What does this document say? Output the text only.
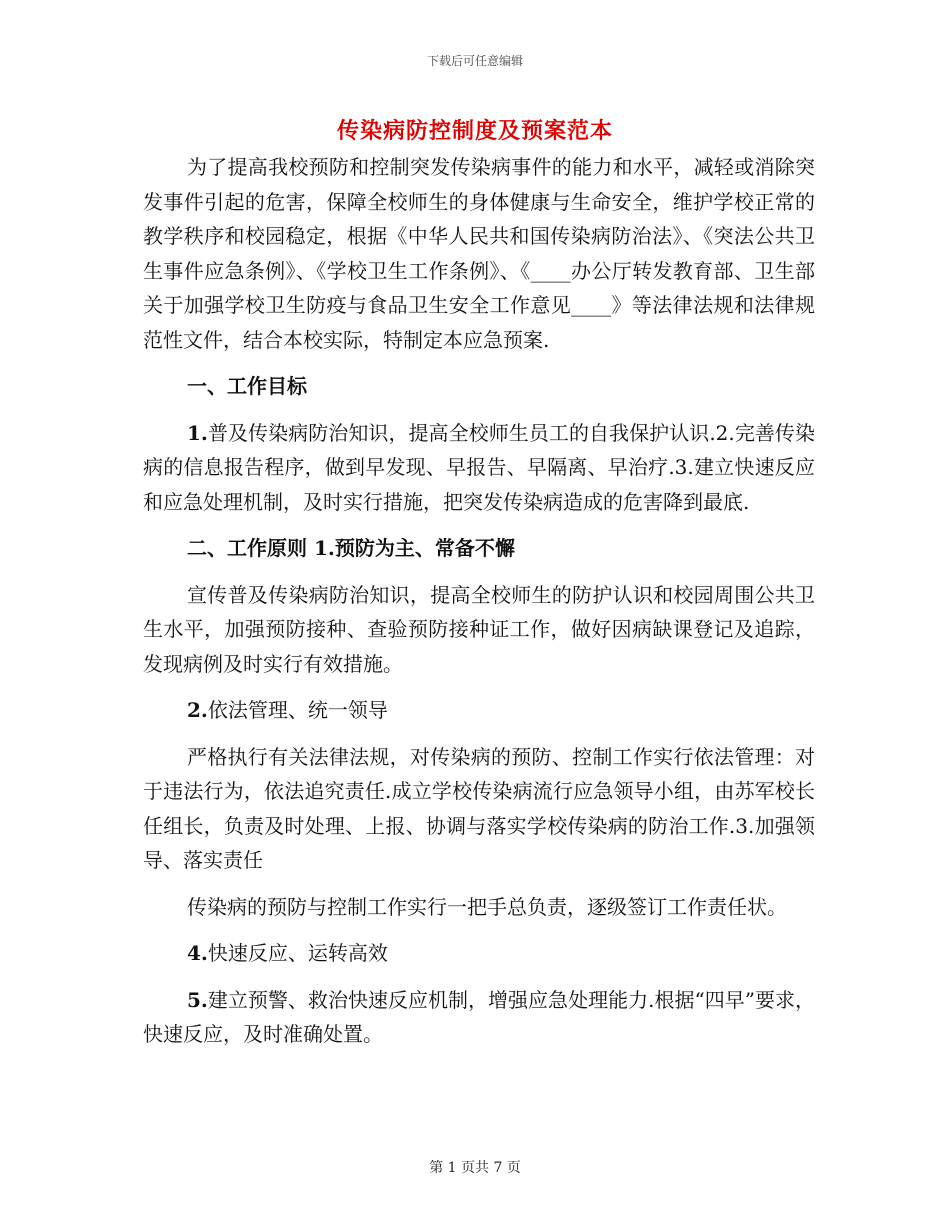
下载后可任意编辑
传染病防控制度及预案范本

为了提高我校预防和控制突发传染病事件的能力和水平，减轻或消除突发事件引起的危害，保障全校师生的身体健康与生命安全，维护学校正常的教学秩序和校园稳定，根据《中华人民共和国传染病防治法》、《突法公共卫生事件应急条例》、《学校卫生工作条例》、《____办公厅转发教育部、卫生部关于加强学校卫生防疫与食品卫生安全工作意见____》等法律法规和法律规范性文件，结合本校实际，特制定本应急预案.

一、工作目标

1.普及传染病防治知识，提高全校师生员工的自我保护认识.2.完善传染病的信息报告程序，做到早发现、早报告、早隔离、早治疗.3.建立快速反应和应急处理机制，及时实行措施，把突发传染病造成的危害降到最底.

二、工作原则 1.预防为主、常备不懈

宣传普及传染病防治知识，提高全校师生的防护认识和校园周围公共卫生水平，加强预防接种、查验预防接种证工作，做好因病缺课登记及追踪，发现病例及时实行有效措施。

2.依法管理、统一领导

严格执行有关法律法规，对传染病的预防、控制工作实行依法管理：对于违法行为，依法追究责任.成立学校传染病流行应急领导小组，由苏军校长任组长，负责及时处理、上报、协调与落实学校传染病的防治工作.3.加强领导、落实责任

传染病的预防与控制工作实行一把手总负责，逐级签订工作责任状。

4.快速反应、运转高效

5.建立预警、救治快速反应机制，增强应急处理能力.根据“四早”要求，快速反应，及时准确处置。

第 1 页共 7 页
